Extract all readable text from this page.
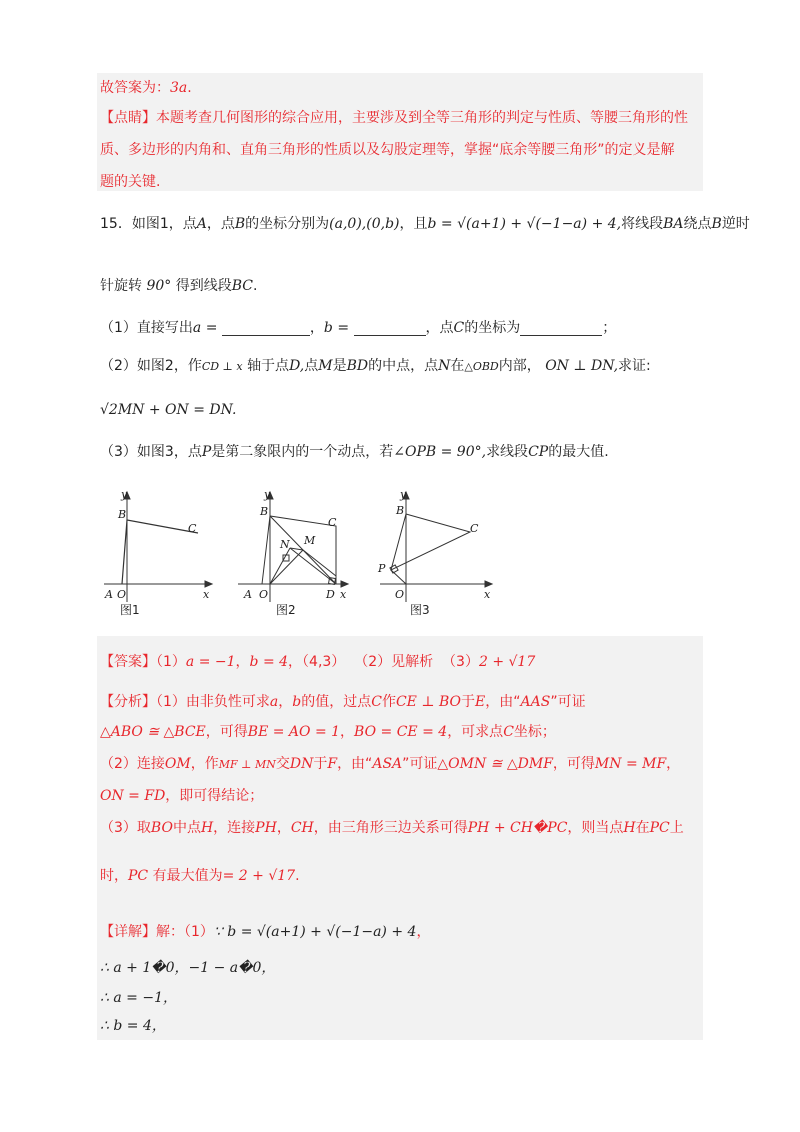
故答案为：3a.
【点睛】本题考查几何图形的综合应用，主要涉及到全等三角形的判定与性质、等腰三角形的性
质、多边形的内角和、直角三角形的性质以及勾股定理等，掌握“底余等腰三角形”的定义是解
题的关键.
15．如图1，点A，点B的坐标分别为(a,0),(0,b)，且b = √(a+1) + √(−1−a) + 4,将线段BA绕点B逆时
针旋转 90° 得到线段BC.
（1）直接写出a =	，b =	，点C的坐标为	；
（2）如图2，作CD ⊥ x 轴于点D,点M是BD的中点，点N在△OBD内部， ON ⊥ DN,求证:
√2MN + ON = DN.
（3）如图3，点P是第二象限内的一个动点，若∠OPB = 90°,求线段CP的最大值.
y
x
B
C
A O
y
x
B
C
A O
N M
D
y
x
B
C
P
O
图1	图2	图3
【答案】（1）a = −1，b = 4，（4,3） （2）见解析 （3）2 + √17
【分析】（1）由非负性可求a，b的值，过点C作CE ⊥ BO于E，由“AAS”可证
△ABO ≅ △BCE，可得BE = AO = 1，BO = CE = 4，可求点C坐标；
（2）连接OM，作MF ⊥ MN交DN于F，由“ASA”可证△OMN ≅ △DMF，可得MN = MF，
ON = FD，即可得结论；
（3）取BO中点H，连接PH，CH，由三角形三边关系可得PH + CH�PC，则当点H在PC上
时，PC 有最大值为= 2 + √17.
【详解】解：（1）∵ b = √(a+1) + √(−1−a) + 4，
∴ a + 1�0，−1 − a�0，
∴ a = −1，
∴ b = 4，
